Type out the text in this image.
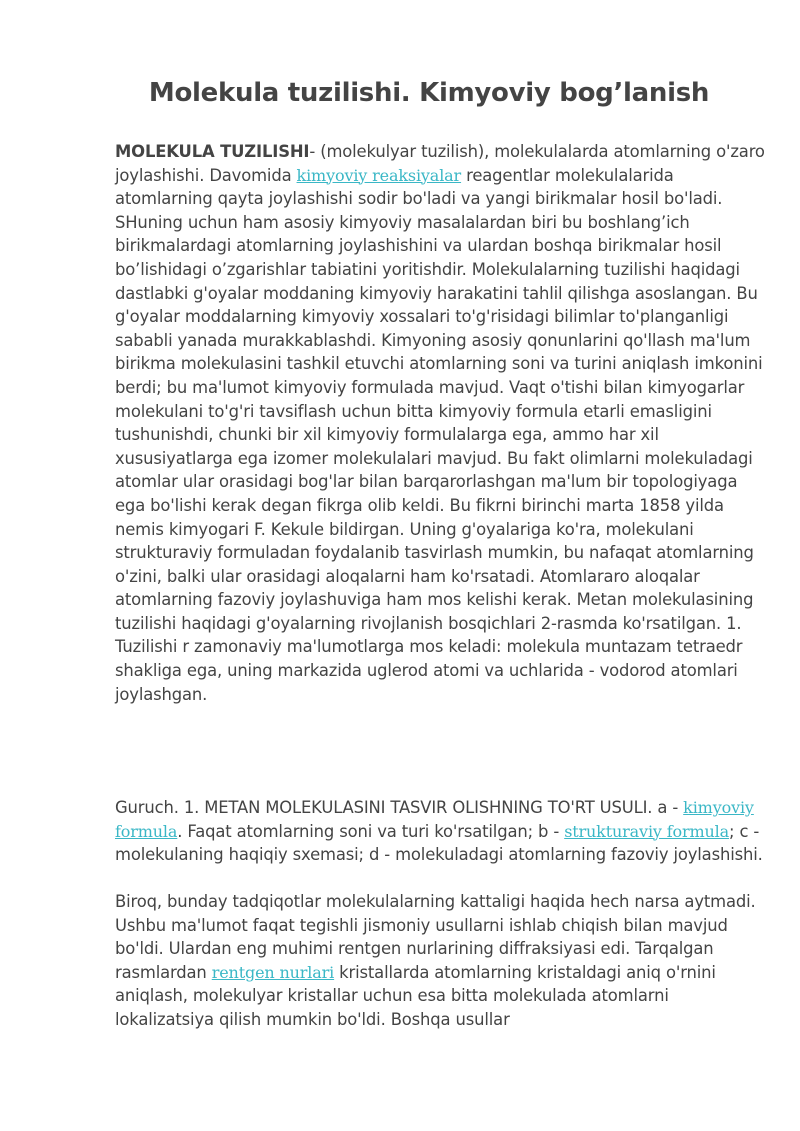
Molekula tuzilishi. Kimyoviy bog’lanish

MOLEKULA TUZILISHI- (molekulyar tuzilish), molekulalarda atomlarning o'zaro joylashishi. Davomida kimyoviy reaksiyalar reagentlar molekulalarida atomlarning qayta joylashishi sodir bo'ladi va yangi birikmalar hosil bo'ladi. SHuning uchun ham asosiy kimyoviy masalalardan biri bu boshlang’ich birikmalardagi atomlarning joylashishini va ulardan boshqa birikmalar hosil bo’lishidagi o’zgarishlar tabiatini yoritishdir. Molekulalarning tuzilishi haqidagi dastlabki g'oyalar moddaning kimyoviy harakatini tahlil qilishga asoslangan. Bu g'oyalar moddalarning kimyoviy xossalari to'g'risidagi bilimlar to'planganligi sababli yanada murakkablashdi. Kimyoning asosiy qonunlarini qo'llash ma'lum birikma molekulasini tashkil etuvchi atomlarning soni va turini aniqlash imkonini berdi; bu ma'lumot kimyoviy formulada mavjud. Vaqt o'tishi bilan kimyogarlar molekulani to'g'ri tavsiflash uchun bitta kimyoviy formula etarli emasligini tushunishdi, chunki bir xil kimyoviy formulalarga ega, ammo har xil xususiyatlarga ega izomer molekulalari mavjud. Bu fakt olimlarni molekuladagi atomlar ular orasidagi bog'lar bilan barqarorlashgan ma'lum bir topologiyaga ega bo'lishi kerak degan fikrga olib keldi. Bu fikrni birinchi marta 1858 yilda nemis kimyogari F. Kekule bildirgan. Uning g'oyalariga ko'ra, molekulani strukturaviy formuladan foydalanib tasvirlash mumkin, bu nafaqat atomlarning o'zini, balki ular orasidagi aloqalarni ham ko'rsatadi. Atomlararo aloqalar atomlarning fazoviy joylashuviga ham mos kelishi kerak. Metan molekulasining tuzilishi haqidagi g'oyalarning rivojlanish bosqichlari 2-rasmda ko'rsatilgan. 1. Tuzilishi r zamonaviy ma'lumotlarga mos keladi: molekula muntazam tetraedr shakliga ega, uning markazida uglerod atomi va uchlarida - vodorod atomlari joylashgan.

Guruch. 1. METAN MOLEKULASINI TASVIR OLISHNING TO'RT USULI. a - kimyoviy formula. Faqat atomlarning soni va turi ko'rsatilgan; b - strukturaviy formula; c - molekulaning haqiqiy sxemasi; d - molekuladagi atomlarning fazoviy joylashishi.

Biroq, bunday tadqiqotlar molekulalarning kattaligi haqida hech narsa aytmadi. Ushbu ma'lumot faqat tegishli jismoniy usullarni ishlab chiqish bilan mavjud bo'ldi. Ulardan eng muhimi rentgen nurlarining diffraksiyasi edi. Tarqalgan rasmlardan rentgen nurlari kristallarda atomlarning kristaldagi aniq o'rnini aniqlash, molekulyar kristallar uchun esa bitta molekulada atomlarni lokalizatsiya qilish mumkin bo'ldi. Boshqa usullar
